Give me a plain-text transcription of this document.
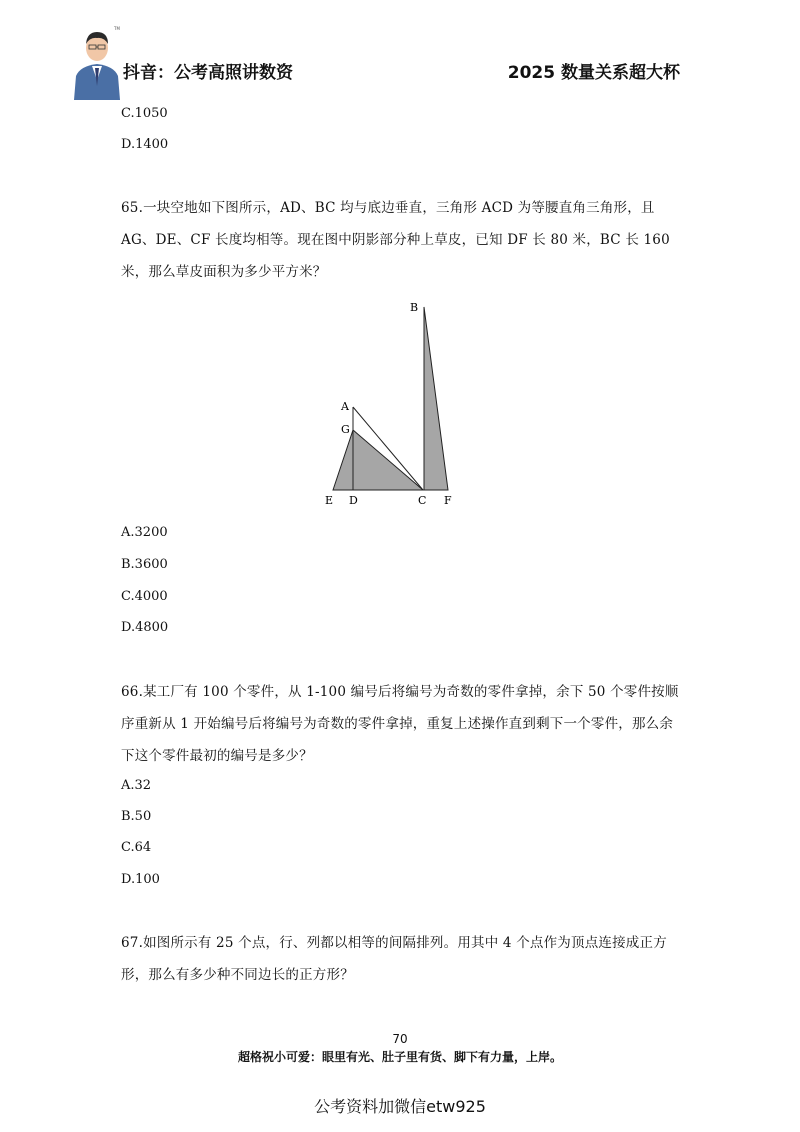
TM
抖音：公考高照讲数资	2025 数量关系超大杯
C.1050
D.1400
65.一块空地如下图所示，AD、BC 均与底边垂直，三角形 ACD 为等腰直角三角形，且 AG、DE、CF 长度均相等。现在图中阴影部分种上草皮，已知 DF 长 80 米，BC 长 160 米，那么草皮面积为多少平方米？
B
A
G
E D	C F
A.3200
B.3600
C.4000
D.4800
66.某工厂有 100 个零件，从 1-100 编号后将编号为奇数的零件拿掉，余下 50 个零件按顺序重新从 1 开始编号后将编号为奇数的零件拿掉，重复上述操作直到剩下一个零件，那么余下这个零件最初的编号是多少？
A.32
B.50
C.64
D.100
67.如图所示有 25 个点，行、列都以相等的间隔排列。用其中 4 个点作为顶点连接成正方形，那么有多少种不同边长的正方形？
70
超格祝小可爱：眼里有光、肚子里有货、脚下有力量，上岸。
公考资料加微信etw925
